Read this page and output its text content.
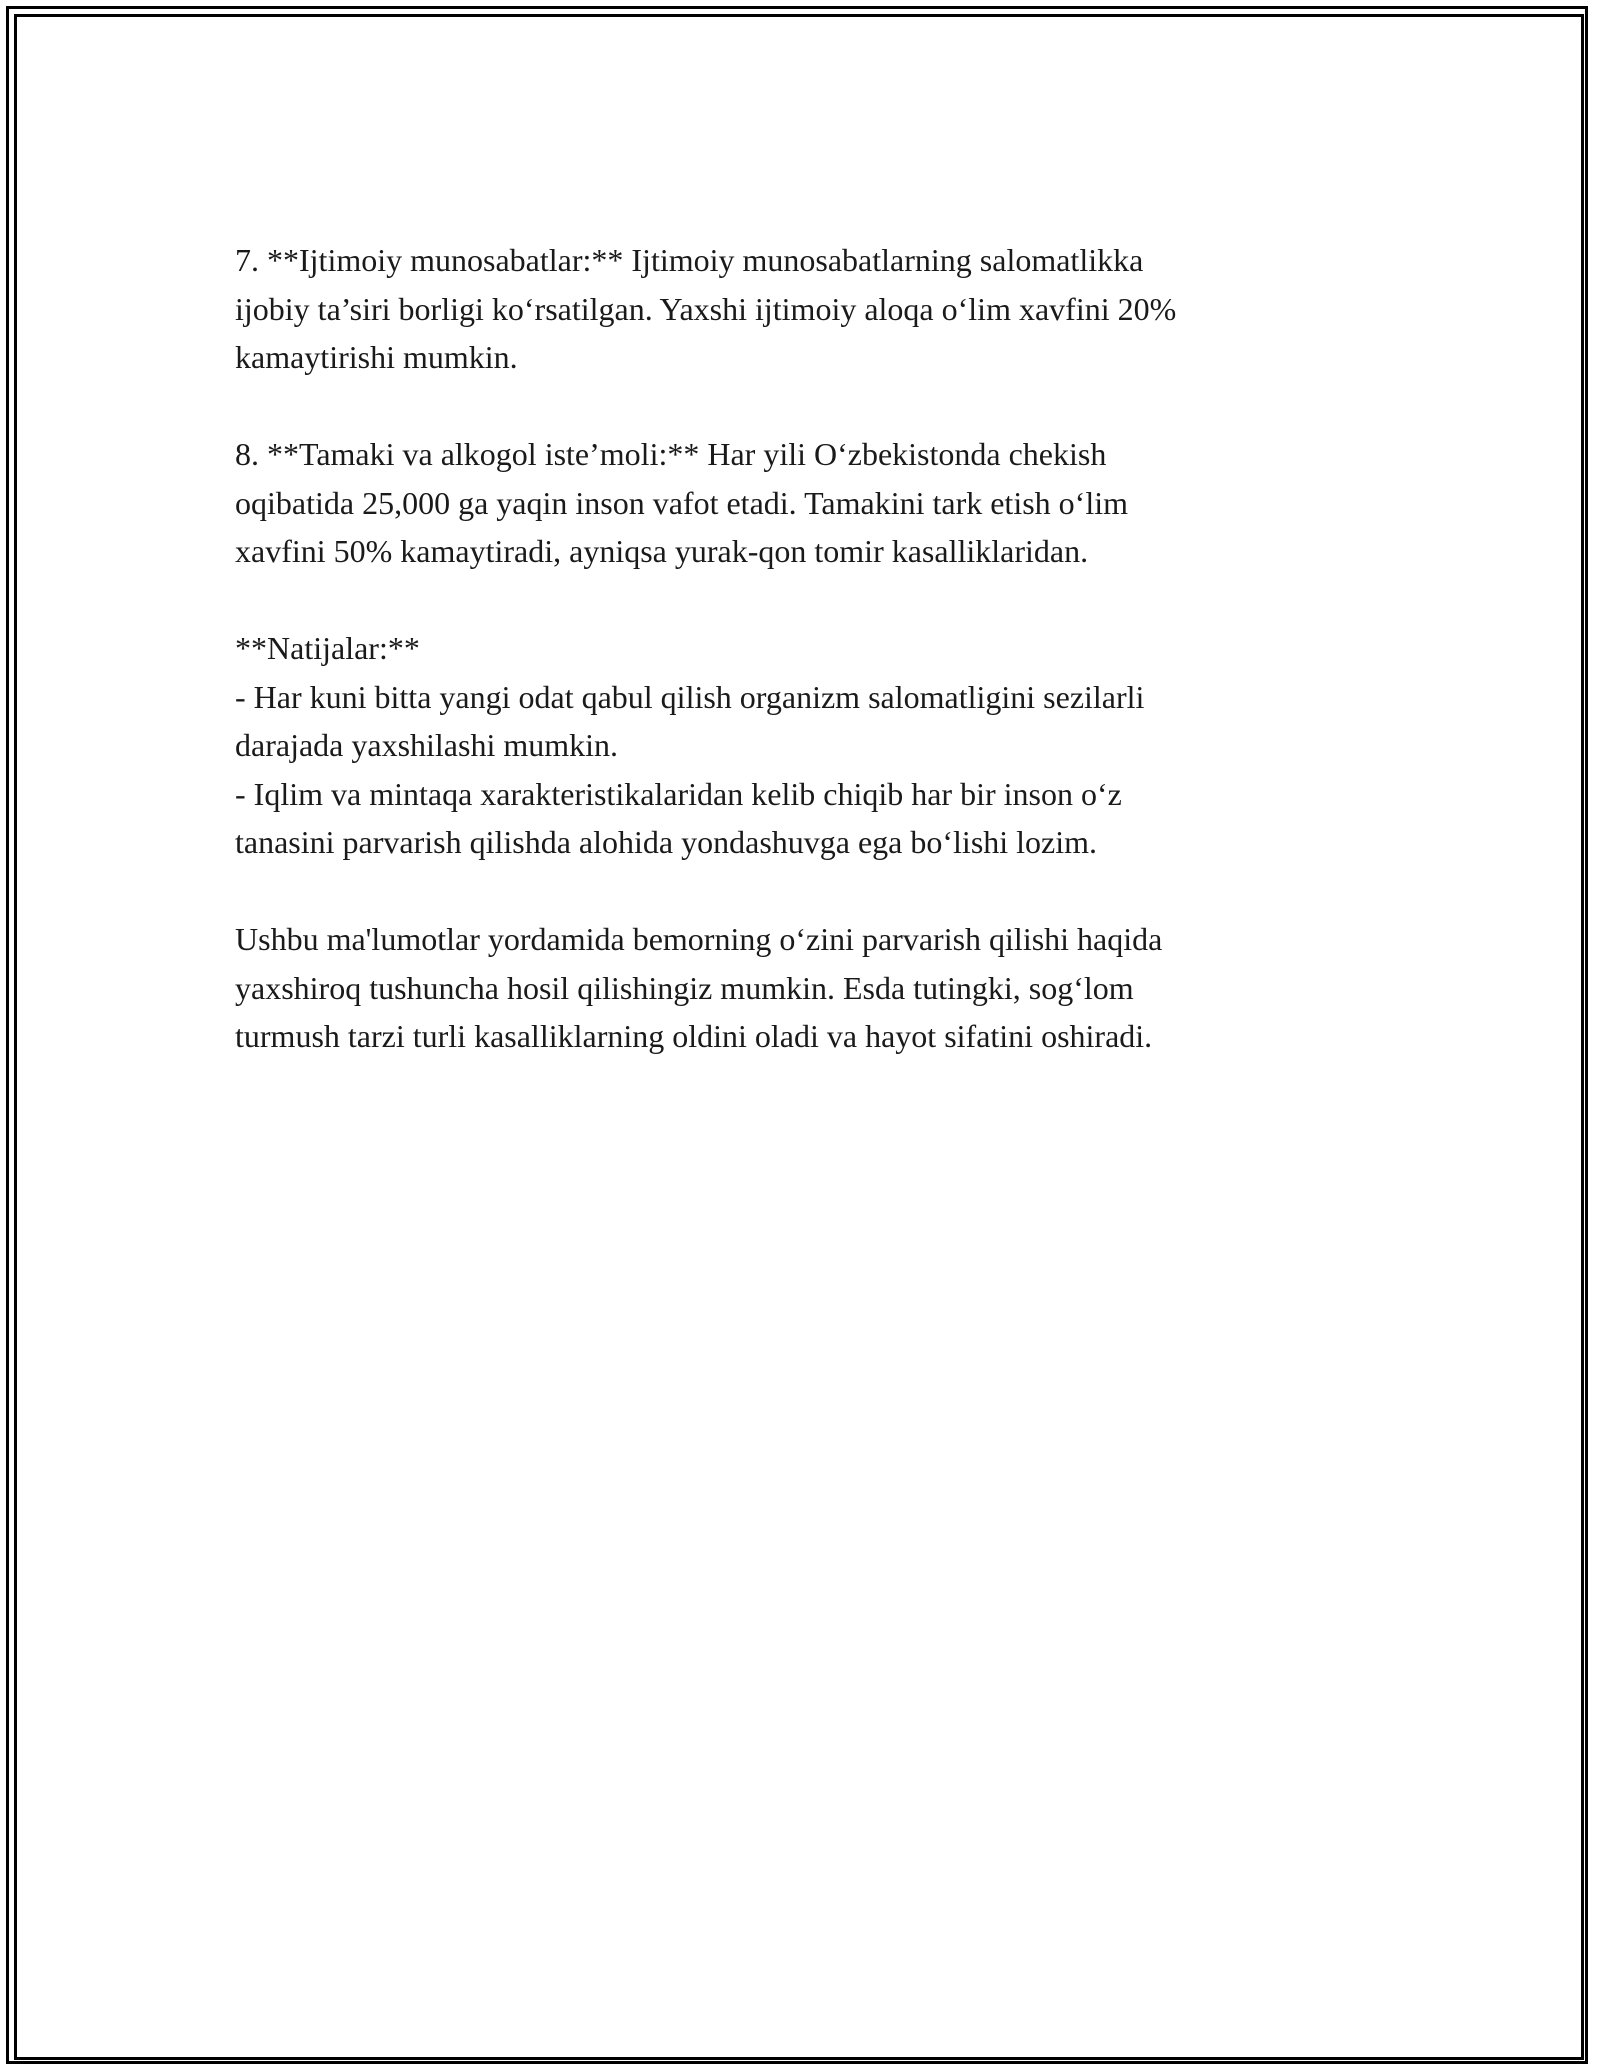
7. **Ijtimoiy munosabatlar:** Ijtimoiy munosabatlarning salomatlikka
ijobiy ta’siri borligi ko‘rsatilgan. Yaxshi ijtimoiy aloqa o‘lim xavfini 20%
kamaytirishi mumkin.
8. **Tamaki va alkogol iste’moli:** Har yili O‘zbekistonda chekish
oqibatida 25,000 ga yaqin inson vafot etadi. Tamakini tark etish o‘lim
xavfini 50% kamaytiradi, ayniqsa yurak-qon tomir kasalliklaridan.
**Natijalar:**
- Har kuni bitta yangi odat qabul qilish organizm salomatligini sezilarli
darajada yaxshilashi mumkin.
- Iqlim va mintaqa xarakteristikalaridan kelib chiqib har bir inson o‘z
tanasini parvarish qilishda alohida yondashuvga ega bo‘lishi lozim.
Ushbu ma'lumotlar yordamida bemorning o‘zini parvarish qilishi haqida
yaxshiroq tushuncha hosil qilishingiz mumkin. Esda tutingki, sog‘lom
turmush tarzi turli kasalliklarning oldini oladi va hayot sifatini oshiradi.
